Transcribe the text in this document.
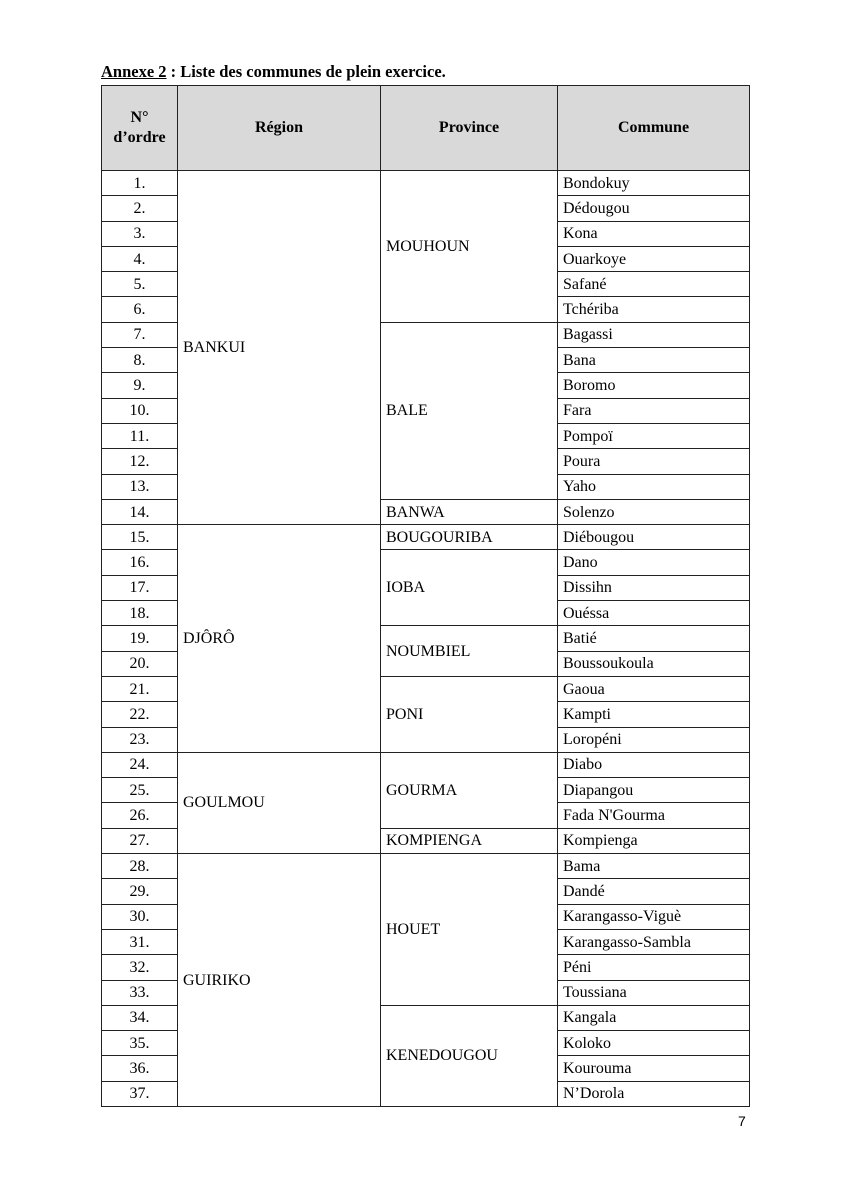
Annexe 2 : Liste des communes de plein exercice.
N°
d’ordre	Région	Province	Commune
1.	BANKUI	MOUHOUN	Bondokuy
2.			Dédougou
3.			Kona
4.			Ouarkoye
5.			Safané
6.			Tchériba
7.		BALE	Bagassi
8.			Bana
9.			Boromo
10.			Fara
11.			Pompoï
12.			Poura
13.			Yaho
14.		BANWA	Solenzo
15.	DJÔRÔ	BOUGOURIBA	Diébougou
16.		IOBA	Dano
17.			Dissihn
18.			Ouéssa
19.		NOUMBIEL	Batié
20.			Boussoukoula
21.		PONI	Gaoua
22.			Kampti
23.			Loropéni
24.	GOULMOU	GOURMA	Diabo
25.			Diapangou
26.			Fada N'Gourma
27.		KOMPIENGA	Kompienga
28.	GUIRIKO	HOUET	Bama
29.			Dandé
30.			Karangasso-Viguè
31.			Karangasso-Sambla
32.			Péni
33.			Toussiana
34.		KENEDOUGOU	Kangala
35.			Koloko
36.			Kourouma
37.			N’Dorola
7
